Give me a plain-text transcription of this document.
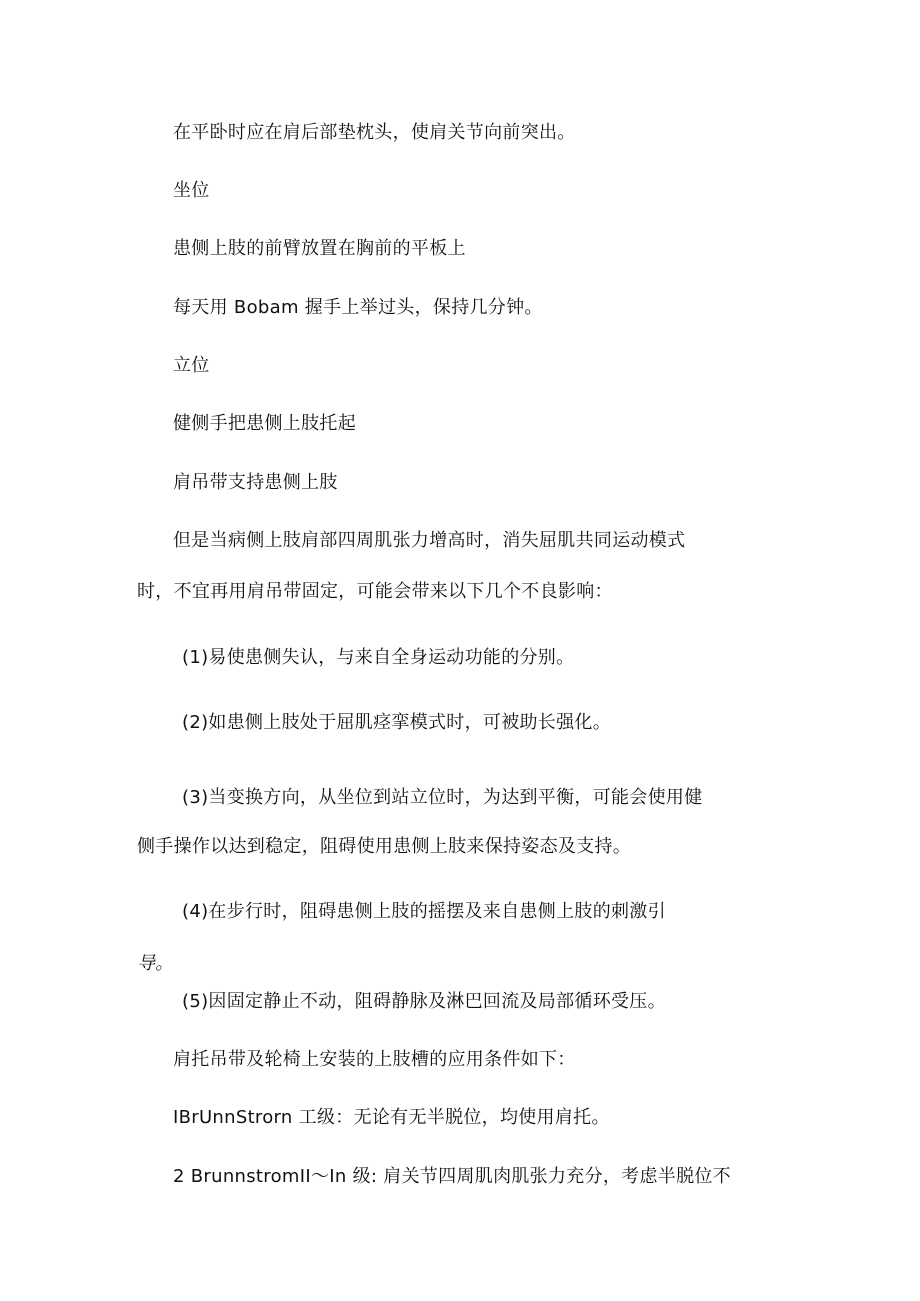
在平卧时应在肩后部垫枕头，使肩关节向前突出。
坐位
患侧上肢的前臂放置在胸前的平板上
每天用 Bobam 握手上举过头，保持几分钟。
立位
健侧手把患侧上肢托起
肩吊带支持患侧上肢
但是当病侧上肢肩部四周肌张力增高时，消失屈肌共同运动模式
时，不宜再用肩吊带固定，可能会带来以下几个不良影响：
(1)易使患侧失认，与来自全身运动功能的分别。
(2)如患侧上肢处于屈肌痉挛模式时，可被助长强化。
(3)当变换方向，从坐位到站立位时，为达到平衡，可能会使用健
侧手操作以达到稳定，阻碍使用患侧上肢来保持姿态及支持。
(4)在步行时，阻碍患侧上肢的摇摆及来自患侧上肢的刺激引
导。
(5)因固定静止不动，阻碍静脉及淋巴回流及局部循环受压。
肩托吊带及轮椅上安装的上肢槽的应用条件如下：
IBrUnnStrorn 工级：无论有无半脱位，均使用肩托。
2 BrunnstromII～In 级: 肩关节四周肌肉肌张力充分，考虑半脱位不
